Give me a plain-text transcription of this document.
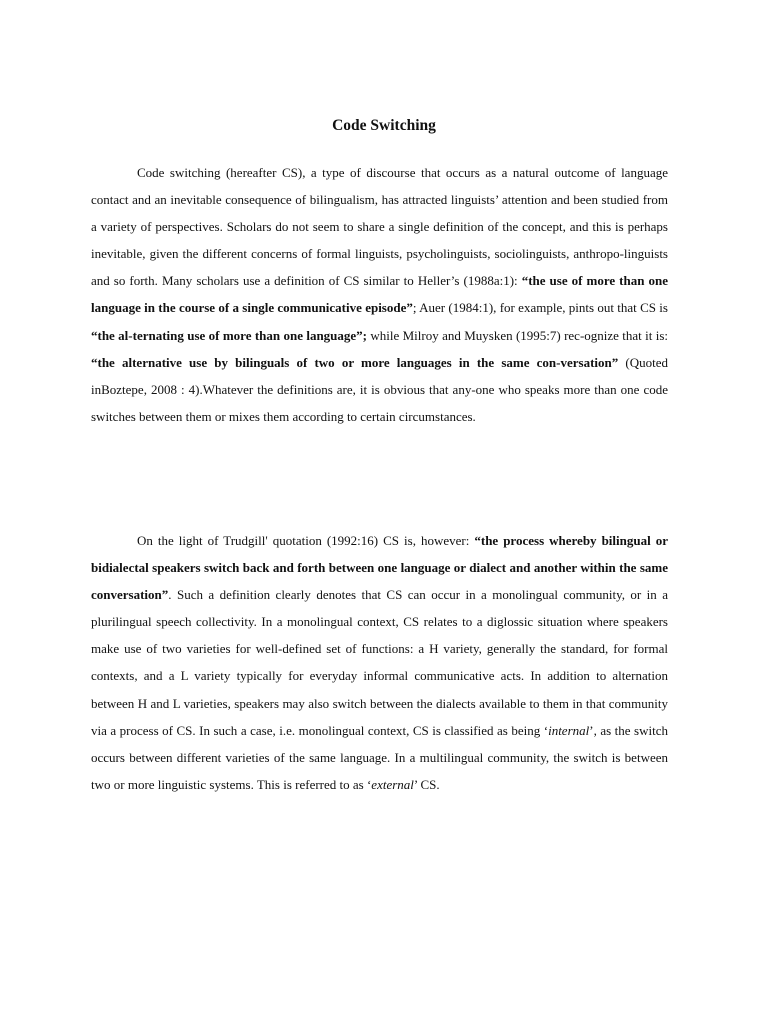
Code Switching

Code switching (hereafter CS), a type of discourse that occurs as a natural outcome of language contact and an inevitable consequence of bilingualism, has attracted linguists’ attention and been studied from a variety of perspectives. Scholars do not seem to share a single definition of the concept, and this is perhaps inevitable, given the different concerns of formal linguists, psycholinguists, sociolinguists, anthropo-linguists and so forth. Many scholars use a definition of CS similar to Heller’s (1988a:1): “the use of more than one language in the course of a single communicative episode”; Auer (1984:1), for example, pints out that CS is “the al-ternating use of more than one language”; while Milroy and Muysken (1995:7) rec-ognize that it is: “the alternative use by bilinguals of two or more languages in the same con-versation” (Quoted inBoztepe, 2008 : 4).Whatever the definitions are, it is obvious that any-one who speaks more than one code switches between them or mixes them according to certain circumstances.

On the light of Trudgill' quotation (1992:16) CS is, however: “the process whereby bilingual or bidialectal speakers switch back and forth between one language or dialect and another within the same conversation”. Such a definition clearly denotes that CS can occur in a monolingual community, or in a plurilingual speech collectivity. In a monolingual context, CS relates to a diglossic situation where speakers make use of two varieties for well-defined set of functions: a H variety, generally the standard, for formal contexts, and a L variety typically for everyday informal communicative acts. In addition to alternation between H and L varieties, speakers may also switch between the dialects available to them in that community via a process of CS. In such a case, i.e. monolingual context, CS is classified as being ‘internal’, as the switch occurs between different varieties of the same language. In a multilingual community, the switch is between two or more linguistic systems. This is referred to as ‘external’ CS.
